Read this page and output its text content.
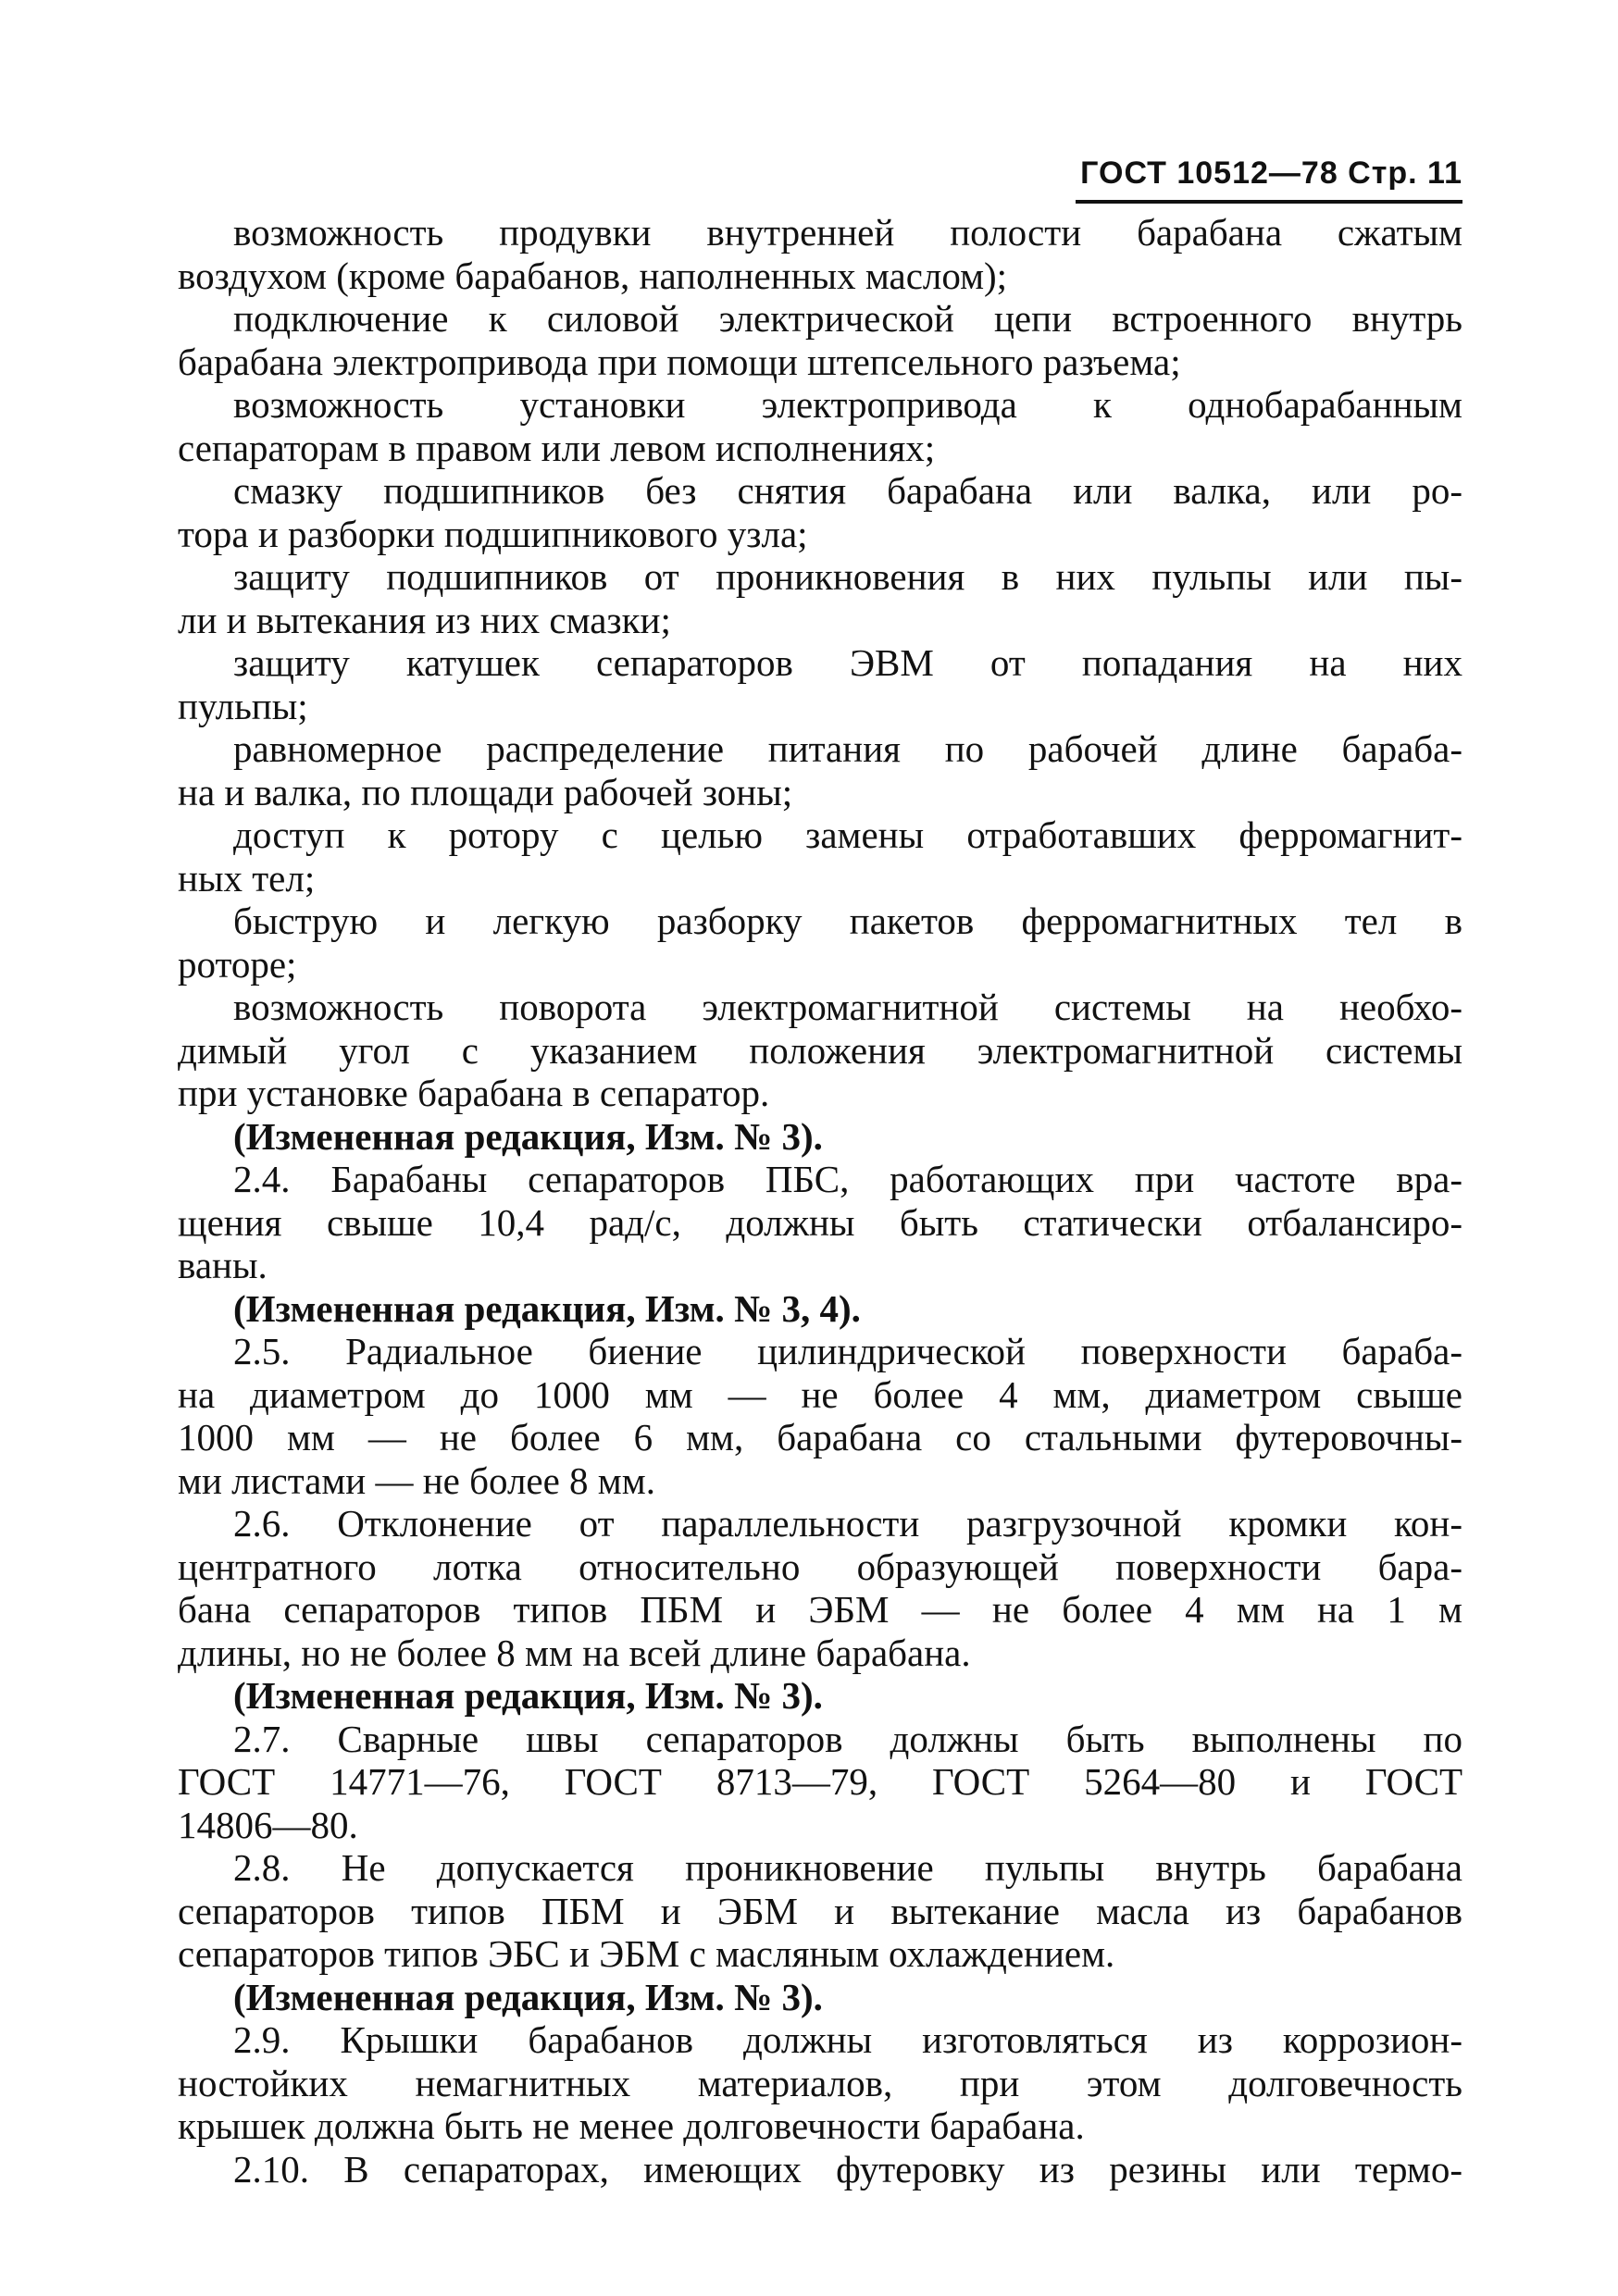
ГОСТ 10512—78 Стр. 11
возможность продувки внутренней полости барабана сжатым
воздухом (кроме барабанов, наполненных маслом);
подключение к силовой электрической цепи встроенного внутрь
барабана электропривода при помощи штепсельного разъема;
возможность установки электропривода к однобарабанным
сепараторам в правом или левом исполнениях;
смазку подшипников без снятия барабана или валка, или ро-
тора и разборки подшипникового узла;
защиту подшипников от проникновения в них пульпы или пы-
ли и вытекания из них смазки;
защиту катушек сепараторов ЭВМ от попадания на них
пульпы;
равномерное распределение питания по рабочей длине бараба-
на и валка, по площади рабочей зоны;
доступ к ротору с целью замены отработавших ферромагнит-
ных тел;
быструю и легкую разборку пакетов ферромагнитных тел в
роторе;
возможность поворота электромагнитной системы на необхо-
димый угол с указанием положения электромагнитной системы
при установке барабана в сепаратор.
(Измененная редакция, Изм. № 3).
2.4. Барабаны сепараторов ПБС, работающих при частоте вра-
щения свыше 10,4 рад/с, должны быть статически отбалансиро-
ваны.
(Измененная редакция, Изм. № 3, 4).
2.5. Радиальное биение цилиндрической поверхности бараба-
на диаметром до 1000 мм — не более 4 мм, диаметром свыше
1000 мм — не более 6 мм, барабана со стальными футеровочны-
ми листами — не более 8 мм.
2.6. Отклонение от параллельности разгрузочной кромки кон-
центратного лотка относительно образующей поверхности бара-
бана сепараторов типов ПБМ и ЭБМ — не более 4 мм на 1 м
длины, но не более 8 мм на всей длине барабана.
(Измененная редакция, Изм. № 3).
2.7. Сварные швы сепараторов должны быть выполнены по
ГОСТ 14771—76, ГОСТ 8713—79, ГОСТ 5264—80 и ГОСТ
14806—80.
2.8. Не допускается проникновение пульпы внутрь барабана
сепараторов типов ПБМ и ЭБМ и вытекание масла из барабанов
сепараторов типов ЭБС и ЭБМ с масляным охлаждением.
(Измененная редакция, Изм. № 3).
2.9. Крышки барабанов должны изготовляться из коррозион-
ностойких немагнитных материалов, при этом долговечность
крышек должна быть не менее долговечности барабана.
2.10. В сепараторах, имеющих футеровку из резины или термо-
